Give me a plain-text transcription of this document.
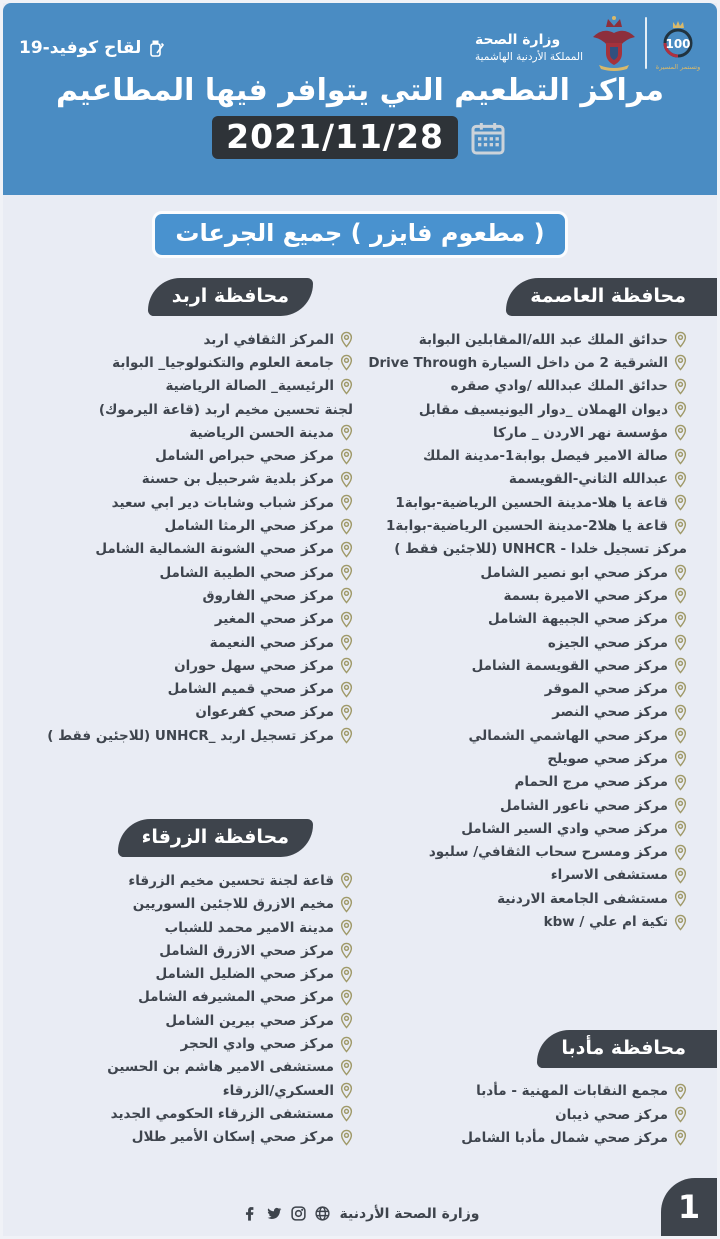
100
وتستمر المسيرة
وزارة الصحة
المملكة الأردنية الهاشمية
لقاح كوفيد-19
مراكز التطعيم التي يتوافر فيها المطاعيم
2021/11/28
( مطعوم فايزر ) جميع الجرعات
محافظة العاصمة
حدائق الملك عبد الله/المقابلين البوابة
الشرقية 2 من داخل السيارة Drive Through
حدائق الملك عبدالله /وادي صقره
ديوان الهملان _دوار اليونيسيف مقابل
مؤسسة نهر الاردن _ ماركا
صالة الامير فيصل بوابة1-مدينة الملك
عبدالله الثاني-القويسمة
قاعة يا هلا-مدينة الحسين الرياضية-بوابة1
قاعة يا هلا2-مدينة الحسين الرياضية-بوابة1
مركز تسجيل خلدا - UNHCR (للاجئين فقط )
مركز صحي ابو نصير الشامل
مركز صحي الاميرة بسمة
مركز صحي الجبيهة الشامل
مركز صحي الجيزه
مركز صحي القويسمة الشامل
مركز صحي الموقر
مركز صحي النصر
مركز صحي الهاشمي الشمالي
مركز صحي صويلح
مركز صحي مرج الحمام
مركز صحي ناعور الشامل
مركز صحي وادي السير الشامل
مركز ومسرح سحاب الثقافي/ سلبود
مستشفى الاسراء
مستشفى الجامعة الاردنية
تكية ام علي / kbw
محافظة مأدبا
مجمع النقابات المهنية - مأدبا
مركز صحي ذيبان
مركز صحي شمال مأدبا الشامل
محافظة اربد
المركز الثقافي اربد
جامعة العلوم والتكنولوجيا_ البوابة
الرئيسية_ الصالة الرياضية
لجنة تحسين مخيم اربد (قاعة اليرموك)
مدينة الحسن الرياضية
مركز صحي حبراص الشامل
مركز بلدية شرحبيل بن حسنة
مركز شباب وشابات دير ابي سعيد
مركز صحي الرمثا الشامل
مركز صحي الشونة الشمالية الشامل
مركز صحي الطيبة الشامل
مركز صحي الفاروق
مركز صحي المغير
مركز صحي النعيمة
مركز صحي سهل حوران
مركز صحي قميم الشامل
مركز صحي كفرعوان
مركز تسجيل اربد _UNHCR (للاجئين فقط )
محافظة الزرقاء
قاعة لجنة تحسين مخيم الزرقاء
مخيم الازرق للاجئين السوريين
مدينة الامير محمد للشباب
مركز صحي الازرق الشامل
مركز صحي الضليل الشامل
مركز صحي المشيرفه الشامل
مركز صحي بيرين الشامل
مركز صحي وادي الحجر
مستشفى الامير هاشم بن الحسين
العسكري/الزرقاء
مستشفى الزرقاء الحكومي الجديد
مركز صحي إسكان الأمير طلال
وزارة الصحة الأردنية	1
